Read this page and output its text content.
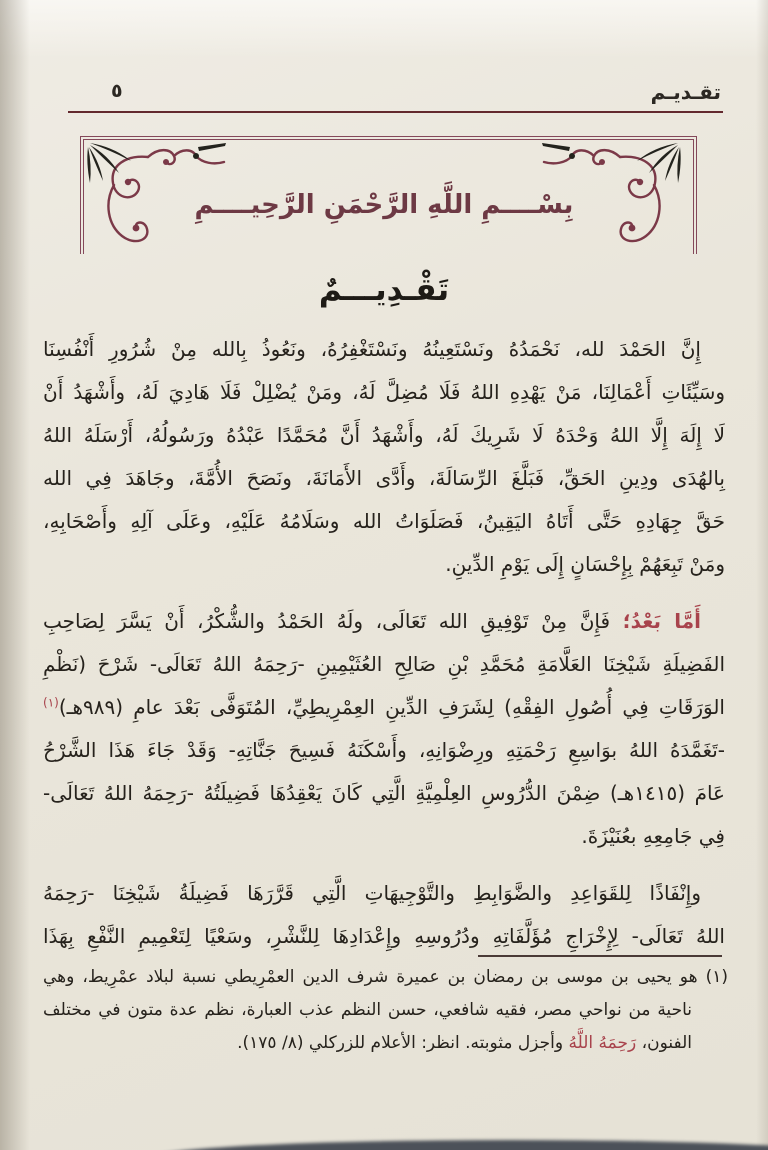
تقـديـم
٥
بِسْــــمِ اللَّهِ الرَّحْمَنِ الرَّحِيــــمِ
تَقْـدِيـــمٌ
إِنَّ الحَمْدَ لله، نَحْمَدُهُ ونَسْتَعِينُهُ ونَسْتَغْفِرُهُ، ونَعُوذُ بِالله مِنْ شُرُورِ أَنْفُسِنَا
وسَيِّئَاتِ أَعْمَالِنَا، مَنْ يَهْدِهِ اللهُ فَلَا مُضِلَّ لَهُ، ومَنْ يُضْلِلْ فَلَا هَادِيَ لَهُ، وأَشْهَدُ أَنْ
لَا إِلَهَ إِلَّا اللهُ وَحْدَهُ لَا شَرِيكَ لَهُ، وأَشْهَدُ أَنَّ مُحَمَّدًا عَبْدُهُ ورَسُولُهُ، أَرْسَلَهُ اللهُ
بِالهُدَى ودِينِ الحَقِّ، فَبَلَّغَ الرِّسَالَةَ، وأَدَّى الأَمَانَةَ، ونَصَحَ الأُمَّةَ، وجَاهَدَ فِي الله
حَقَّ جِهَادِهِ حَتَّى أَتَاهُ اليَقِينُ، فَصَلَوَاتُ الله وسَلَامُهُ عَلَيْهِ، وعَلَى آلِهِ وأَصْحَابِهِ،
ومَنْ تَبِعَهُمْ بِإِحْسَانٍ إِلَى يَوْمِ الدِّينِ.
أَمَّا بَعْدُ؛ فَإِنَّ مِنْ تَوْفِيقِ الله تَعَالَى، ولَهُ الحَمْدُ والشُّكْرُ، أَنْ يَسَّرَ لِصَاحِبِ
الفَضِيلَةِ شَيْخِنَا العَلَّامَةِ مُحَمَّدِ بْنِ صَالِحِ العُثَيْمِينِ -رَحِمَهُ اللهُ تَعَالَى- شَرْحَ (نَظْمِ
الوَرَقَاتِ فِي أُصُولِ الفِقْهِ) لِشَرَفِ الدِّينِ العِمْرِيطِيِّ، المُتَوَفَّى بَعْدَ عامِ (٩٨٩هـ)$^{(١)}$
-تَغَمَّدَهُ اللهُ بوَاسِعِ رَحْمَتِهِ ورِضْوَانِهِ، وأَسْكَنَهُ فَسِيحَ جَنَّاتِهِ- وَقَدْ جَاءَ هَذَا الشَّرْحُ
عَامَ (١٤١٥هـ) ضِمْنَ الدُّرُوسِ العِلْمِيَّةِ الَّتِي كَانَ يَعْقِدُهَا فَضِيلَتُهُ -رَحِمَهُ اللهُ تَعَالَى-
فِي جَامِعِهِ بعُنَيْزَةَ.
وإِنْفَاذًا لِلقَوَاعِدِ والضَّوَابِطِ والتَّوْجِيهَاتِ الَّتِي قَرَّرَهَا فَضِيلَةُ شَيْخِنَا -رَحِمَهُ
اللهُ تَعَالَى- لِإِخْرَاجِ مُؤَلَّفَاتِهِ ودُرُوسِهِ وإِعْدَادِهَا لِلنَّشْرِ، وسَعْيًا لِتَعْمِيمِ النَّفْعِ بِهَذَا
(١) هو يحيى بن موسى بن رمضان بن عميرة شرف الدين العمْرِيطي نسبة لبلاد عمْرِيط، وهي
ناحية من نواحي مصر، فقيه شافعي، حسن النظم عذب العبارة، نظم عدة متون في مختلف
الفنون، رَحِمَهُ اللَّهُ وأجزل مثوبته. انظر: الأعلام للزركلي (٨/ ١٧٥).
